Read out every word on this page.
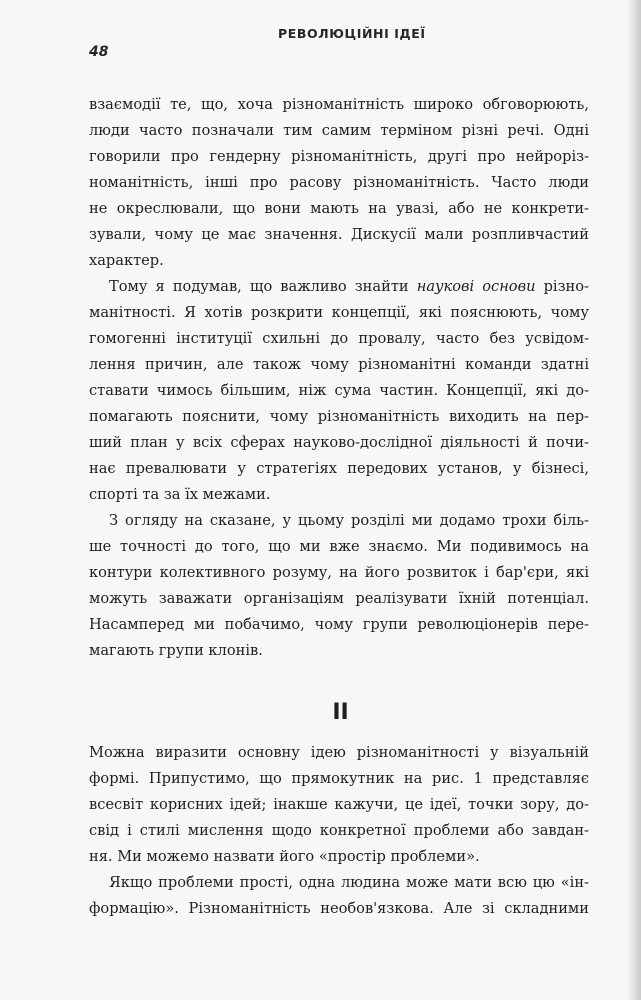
РЕВОЛЮЦІЙНІ ІДЕЇ
48
взаємодії те, що, хоча різноманітність широко обговорюють,
люди часто позначали тим самим терміном різні речі. Одні
говорили про гендерну різноманітність, другі про нейроріз-
номанітність, інші про расову різноманітність. Часто люди
не окреслювали, що вони мають на увазі, або не конкрети-
зували, чому це має значення. Дискусії мали розпливчастий
характер.
Тому я подумав, що важливо знайти наукові основи різно-
манітності. Я хотів розкрити концепції, які пояснюють, чому
гомогенні інституції схильні до провалу, часто без усвідом-
лення причин, але також чому різноманітні команди здатні
ставати чимось більшим, ніж сума частин. Концепції, які до-
помагають пояснити, чому різноманітність виходить на пер-
ший план у всіх сферах науково-дослідної діяльності й почи-
нає превалювати у стратегіях передових установ, у бізнесі,
спорті та за їх межами.
З огляду на сказане, у цьому розділі ми додамо трохи біль-
ше точності до того, що ми вже знаємо. Ми подивимось на
контури колективного розуму, на його розвиток і бар'єри, які
можуть заважати організаціям реалізувати їхній потенціал.
Насамперед ми побачимо, чому групи революціонерів пере-
магають групи клонів.
II
Можна виразити основну ідею різноманітності у візуальній
формі. Припустимо, що прямокутник на рис. 1 представляє
всесвіт корисних ідей; інакше кажучи, це ідеї, точки зору, до-
свід і стилі мислення щодо конкретної проблеми або завдан-
ня. Ми можемо назвати його «простір проблеми».
Якщо проблеми прості, одна людина може мати всю цю «ін-
формацію». Різноманітність необов'язкова. Але зі складними
